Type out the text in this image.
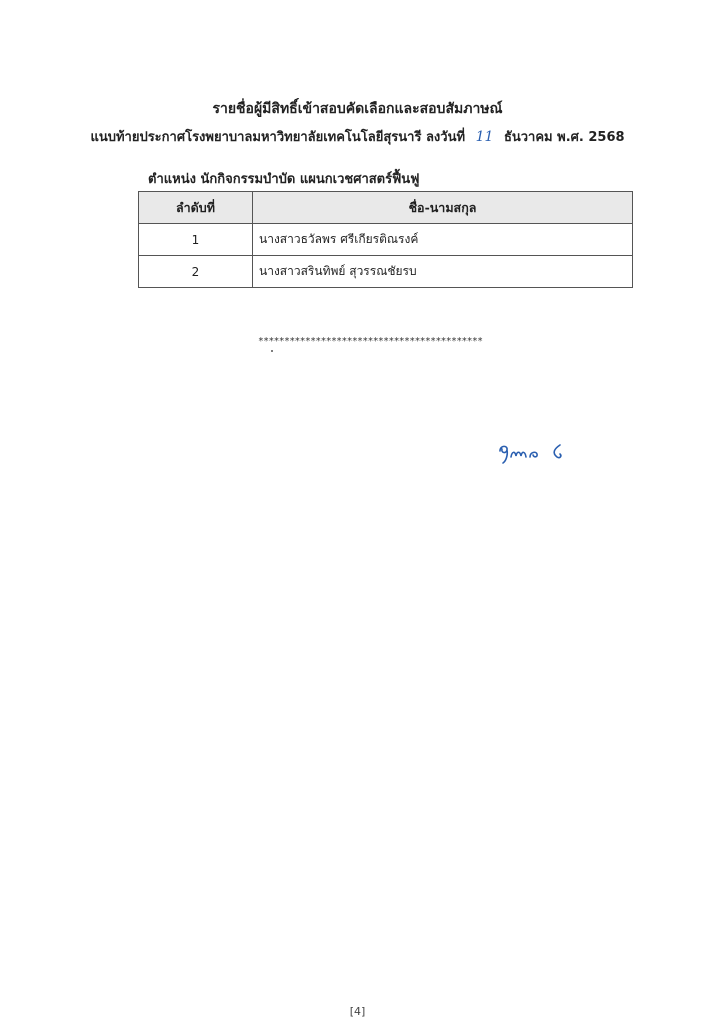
รายชื่อผู้มีสิทธิ์เข้าสอบคัดเลือกและสอบสัมภาษณ์
แนบท้ายประกาศโรงพยาบาลมหาวิทยาลัยเทคโนโลยีสุรนารี ลงวันที่ 11 ธันวาคม พ.ศ. 2568
ตำแหน่ง นักกิจกรรมบำบัด แผนกเวชศาสตร์ฟื้นฟู
ลำดับที่	ชื่อ-นามสกุล
1	นางสาวธวัลพร ศรีเกียรติณรงค์
2	นางสาวสรินทิพย์ สุวรรณชัยรบ
*******************************************
[4]
